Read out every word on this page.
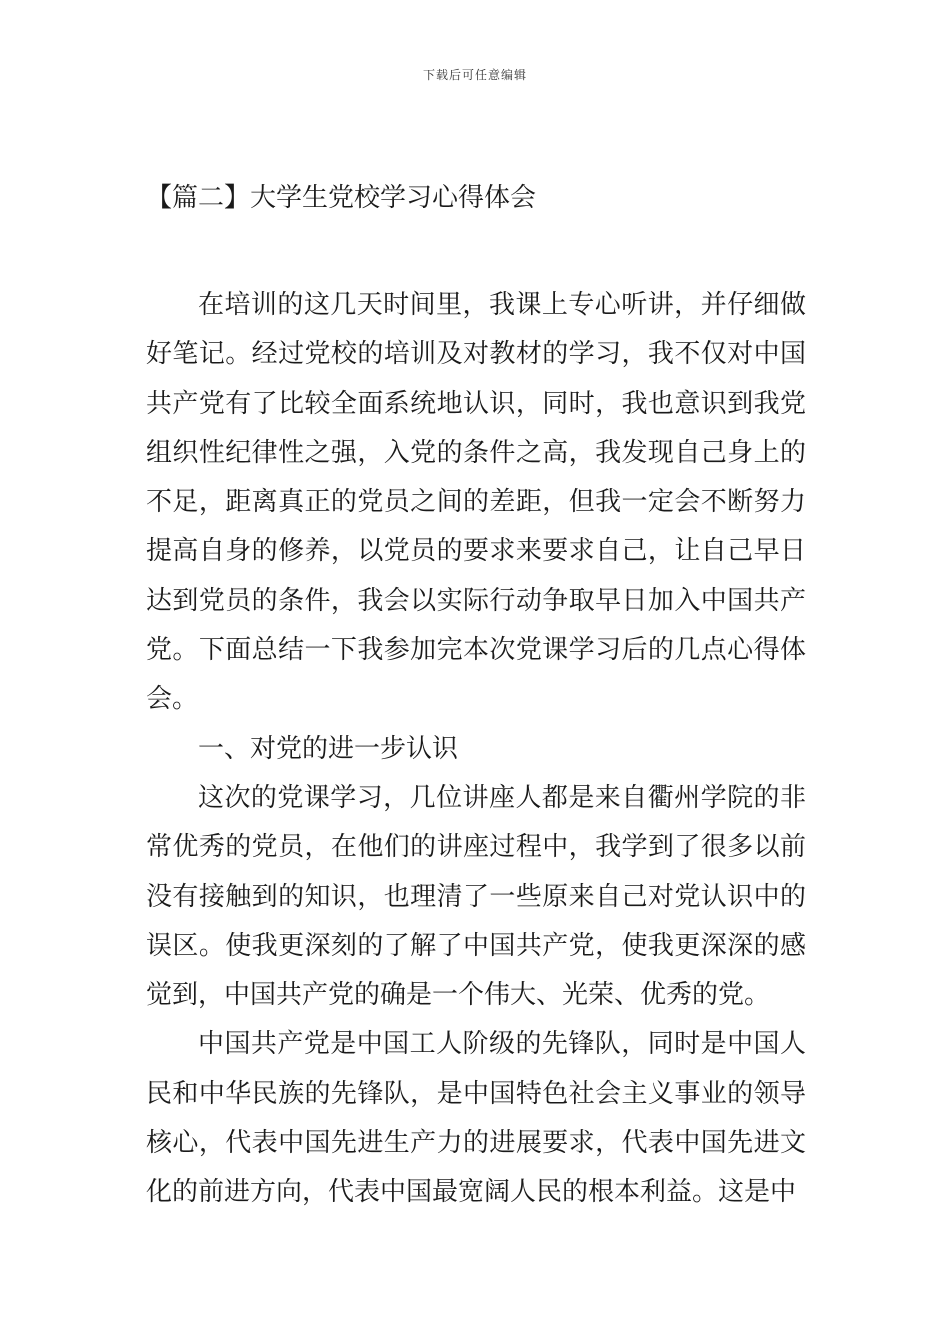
下载后可任意编辑
【篇二】大学生党校学习心得体会

在培训的这几天时间里，我课上专心听讲，并仔细做好笔记。经过党校的培训及对教材的学习，我不仅对中国共产党有了比较全面系统地认识，同时，我也意识到我党组织性纪律性之强，入党的条件之高，我发现自己身上的不足，距离真正的党员之间的差距，但我一定会不断努力提高自身的修养，以党员的要求来要求自己，让自己早日达到党员的条件，我会以实际行动争取早日加入中国共产党。下面总结一下我参加完本次党课学习后的几点心得体会。

一、对党的进一步认识

这次的党课学习，几位讲座人都是来自衢州学院的非常优秀的党员，在他们的讲座过程中，我学到了很多以前没有接触到的知识，也理清了一些原来自己对党认识中的误区。使我更深刻的了解了中国共产党，使我更深深的感觉到，中国共产党的确是一个伟大、光荣、优秀的党。

中国共产党是中国工人阶级的先锋队，同时是中国人民和中华民族的先锋队，是中国特色社会主义事业的领导核心，代表中国先进生产力的进展要求，代表中国先进文化的前进方向，代表中国最宽阔人民的根本利益。这是中
